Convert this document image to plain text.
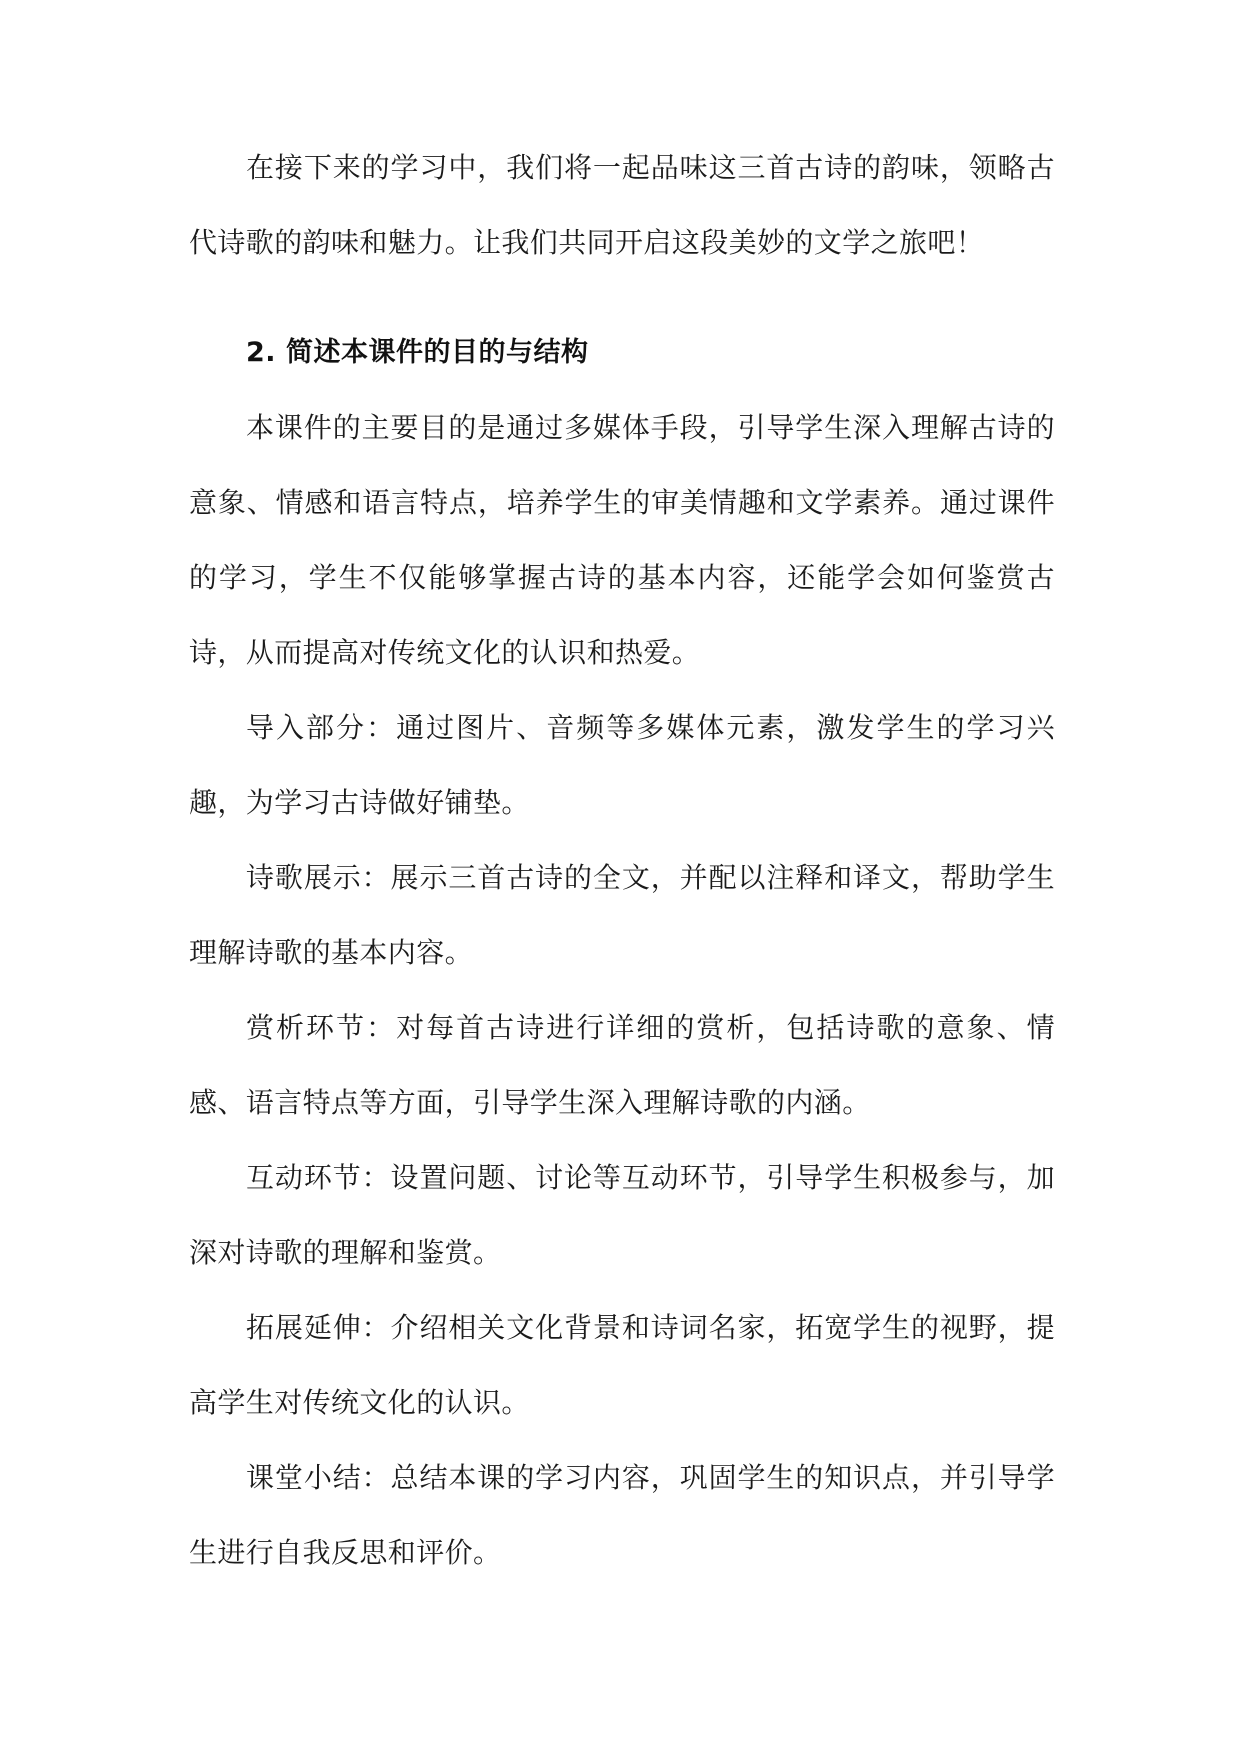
在接下来的学习中，我们将一起品味这三首古诗的韵味，领略古代诗歌的韵味和魅力。让我们共同开启这段美妙的文学之旅吧！

2. 简述本课件的目的与结构

本课件的主要目的是通过多媒体手段，引导学生深入理解古诗的意象、情感和语言特点，培养学生的审美情趣和文学素养。通过课件的学习，学生不仅能够掌握古诗的基本内容，还能学会如何鉴赏古诗，从而提高对传统文化的认识和热爱。

导入部分：通过图片、音频等多媒体元素，激发学生的学习兴趣，为学习古诗做好铺垫。

诗歌展示：展示三首古诗的全文，并配以注释和译文，帮助学生理解诗歌的基本内容。

赏析环节：对每首古诗进行详细的赏析，包括诗歌的意象、情感、语言特点等方面，引导学生深入理解诗歌的内涵。

互动环节：设置问题、讨论等互动环节，引导学生积极参与，加深对诗歌的理解和鉴赏。

拓展延伸：介绍相关文化背景和诗词名家，拓宽学生的视野，提高学生对传统文化的认识。

课堂小结：总结本课的学习内容，巩固学生的知识点，并引导学生进行自我反思和评价。
